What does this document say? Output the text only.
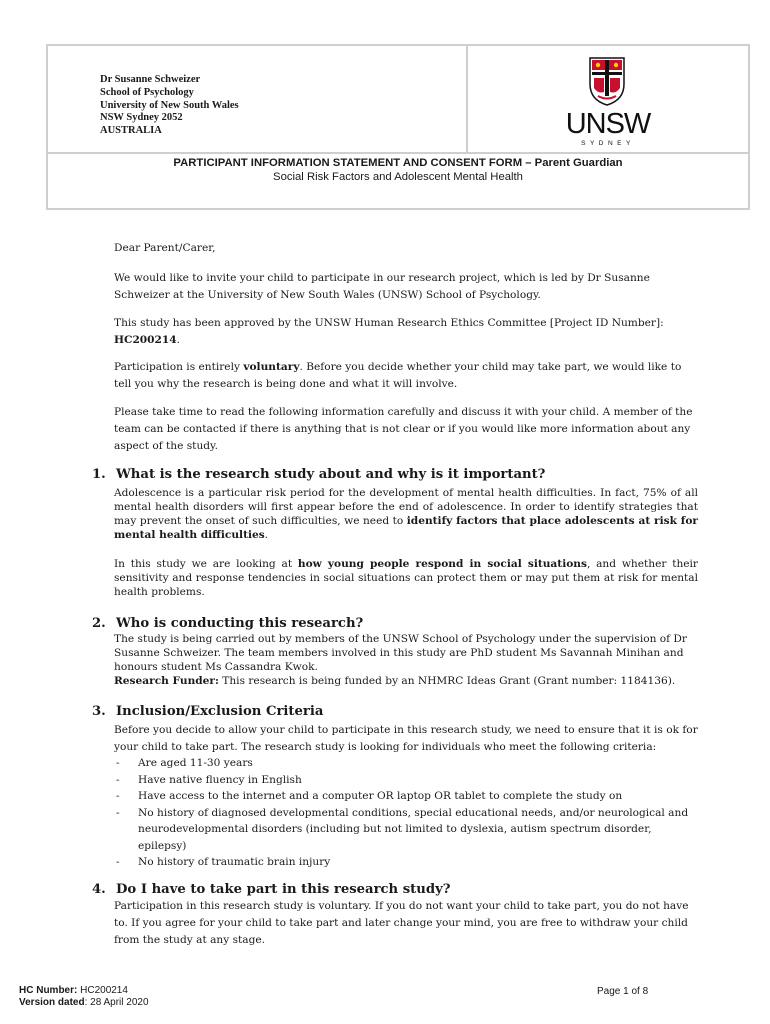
Dr Susanne Schweizer
School of Psychology
University of New South Wales
NSW Sydney 2052
AUSTRALIA	UNSW
SYDNEY
PARTICIPANT INFORMATION STATEMENT AND CONSENT FORM – Parent Guardian
Social Risk Factors and Adolescent Mental Health
Dear Parent/Carer,
We would like to invite your child to participate in our research project, which is led by Dr Susanne Schweizer at the University of New South Wales (UNSW) School of Psychology.
This study has been approved by the UNSW Human Research Ethics Committee [Project ID Number]:
HC200214.
Participation is entirely voluntary. Before you decide whether your child may take part, we would like to tell you why the research is being done and what it will involve.
Please take time to read the following information carefully and discuss it with your child. A member of the team can be contacted if there is anything that is not clear or if you would like more information about any aspect of the study.
1. What is the research study about and why is it important?
Adolescence is a particular risk period for the development of mental health difficulties. In fact, 75% of all mental health disorders will first appear before the end of adolescence. In order to identify strategies that may prevent the onset of such difficulties, we need to identify factors that place adolescents at risk for mental health difficulties.
In this study we are looking at how young people respond in social situations, and whether their sensitivity and response tendencies in social situations can protect them or may put them at risk for mental health problems.
2. Who is conducting this research?
The study is being carried out by members of the UNSW School of Psychology under the supervision of Dr Susanne Schweizer. The team members involved in this study are PhD student Ms Savannah Minihan and honours student Ms Cassandra Kwok.
Research Funder: This research is being funded by an NHMRC Ideas Grant (Grant number: 1184136).
3. Inclusion/Exclusion Criteria
Before you decide to allow your child to participate in this research study, we need to ensure that it is ok for your child to take part. The research study is looking for individuals who meet the following criteria:
- Are aged 11-30 years
- Have native fluency in English
- Have access to the internet and a computer OR laptop OR tablet to complete the study on
- No history of diagnosed developmental conditions, special educational needs, and/or neurological and neurodevelopmental disorders (including but not limited to dyslexia, autism spectrum disorder, epilepsy)
- No history of traumatic brain injury
4. Do I have to take part in this research study?
Participation in this research study is voluntary. If you do not want your child to take part, you do not have to. If you agree for your child to take part and later change your mind, you are free to withdraw your child from the study at any stage.
HC Number: HC200214
Version dated: 28 April 2020
Page 1 of 8
